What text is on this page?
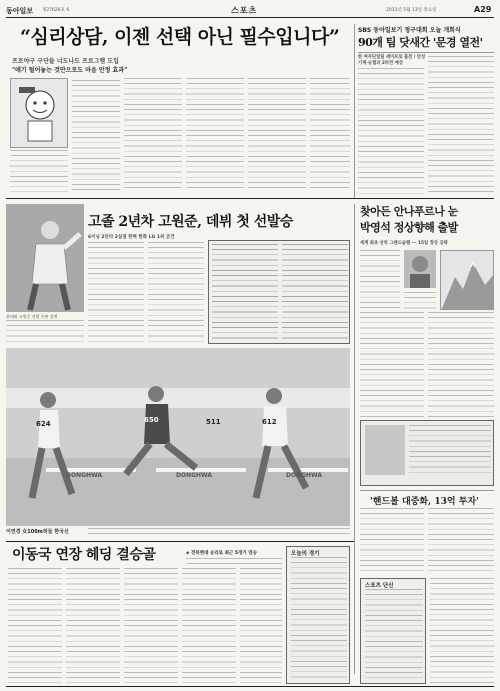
동아일보 제27626호 6	스포츠	2013년 5월 13일 목요일	A29
“심리상담, 이젠 선택 아닌 필수입니다”
프로야구 구단들 너도나도 프로그램 도입
"애기 털어놓는 것만으로도 마음 안정 효과"
SBS 동아일보기 정구대회 오늘 개회식
90개 팀 닷새간 '문경 열전'
한 여자단일팀 세미프로 출전 / 안성기계·농협과 2파전 예상
고졸 2년차 고원준, 데뷔 첫 선발승
6이닝 2안타 2실점 완벽 한화 LG 1위 굳건
롯데와 고원준 선발 등판 장면
찾아든 안나푸르나 눈
박영석 정상향해 출발
세계 최초 산악 그랜드슬램 ··· 15일 정상 공략
'핸드볼 대중화, 13억 투자'
624	650	511	612
DONGHWA	DONGHWA	DONGHWA
이연경 女100m허들 한국신
이동국 연장 헤딩 결승골	◈ 전북현대 승리로 최근 5경기 연승	오늘의 경기
스포츠 단신
